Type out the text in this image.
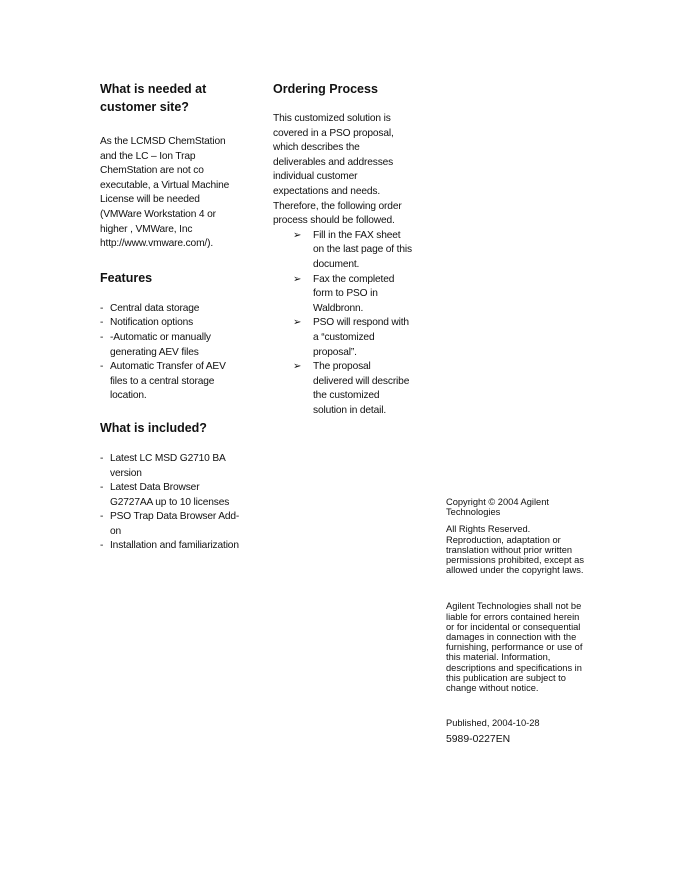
What is needed at customer site?

As the LCMSD ChemStation and the LC – Ion Trap ChemStation are not co executable, a Virtual Machine License will be needed (VMWare Workstation 4 or higher , VMWare, Inc http://www.vmware.com/).

Features

- Central data storage
- Notification options
- -Automatic or manually generating AEV files
- Automatic Transfer of AEV files to a central storage location.

What is included?

- Latest LC MSD G2710 BA version
- Latest Data Browser G2727AA up to 10 licenses
- PSO Trap Data Browser Add-on
- Installation and familiarization

Ordering Process

This customized solution is covered in a PSO proposal, which describes the deliverables and addresses individual customer expectations and needs. Therefore, the following order process should be followed.

➢ Fill in the FAX sheet on the last page of this document.
➢ Fax the completed form to PSO in Waldbronn.
➢ PSO will respond with a “customized proposal”.
➢ The proposal delivered will describe the customized solution in detail.

Copyright © 2004 Agilent Technologies

All Rights Reserved. Reproduction, adaptation or translation without prior written permissions prohibited, except as allowed under the copyright laws.

Agilent Technologies shall not be liable for errors contained herein or for incidental or consequential damages in connection with the furnishing, performance or use of this material. Information, descriptions and specifications in this publication are subject to change without notice.

Published, 2004-10-28

5989-0227EN
